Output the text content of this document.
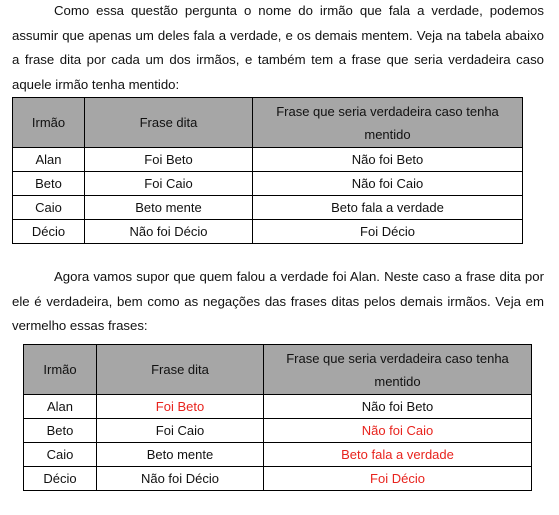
Como essa questão pergunta o nome do irmão que fala a verdade, podemos assumir que apenas um deles fala a verdade, e os demais mentem. Veja na tabela abaixo a frase dita por cada um dos irmãos, e também tem a frase que seria verdadeira caso aquele irmão tenha mentido:

Irmão	Frase dita	Frase que seria verdadeira caso tenha mentido
Alan	Foi Beto	Não foi Beto
Beto	Foi Caio	Não foi Caio
Caio	Beto mente	Beto fala a verdade
Décio	Não foi Décio	Foi Décio

Agora vamos supor que quem falou a verdade foi Alan. Neste caso a frase dita por ele é verdadeira, bem como as negações das frases ditas pelos demais irmãos. Veja em vermelho essas frases:

Irmão	Frase dita	Frase que seria verdadeira caso tenha mentido
Alan	Foi Beto	Não foi Beto
Beto	Foi Caio	Não foi Caio
Caio	Beto mente	Beto fala a verdade
Décio	Não foi Décio	Foi Décio
